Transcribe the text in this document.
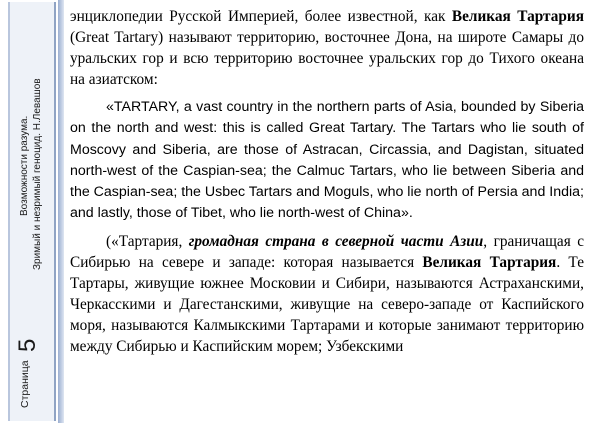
Возможности разума. Зримый и незримый геноцид. Н.Левашов
Страница
5

энциклопедии Русской Империей, более известной, как Великая Тартария (Great Tartary) называют территорию, восточнее Дона, на широте Самары до уральских гор и всю территорию восточнее уральских гор до Тихого океана на азиатском:

«TARTARY, a vast country in the northern parts of Asia, bounded by Siberia on the north and west: this is called Great Tartary. The Tartars who lie south of Moscovy and Siberia, are those of Astracan, Circassia, and Dagistan, situated north-west of the Caspian-sea; the Calmuc Tartars, who lie between Siberia and the Caspian-sea; the Usbec Tartars and Moguls, who lie north of Persia and India; and lastly, those of Tibet, who lie north-west of China».

(«Тартария, громадная страна в северной части Азии, граничащая с Сибирью на севере и западе: которая называется Великая Тартария. Те Тартары, живущие южнее Московии и Сибири, называются Астраханскими, Черкасскими и Дагестанскими, живущие на северо-западе от Каспийского моря, называются Калмыкскими Тартарами и которые занимают территорию между Сибирью и Каспийским морем; Узбекскими
